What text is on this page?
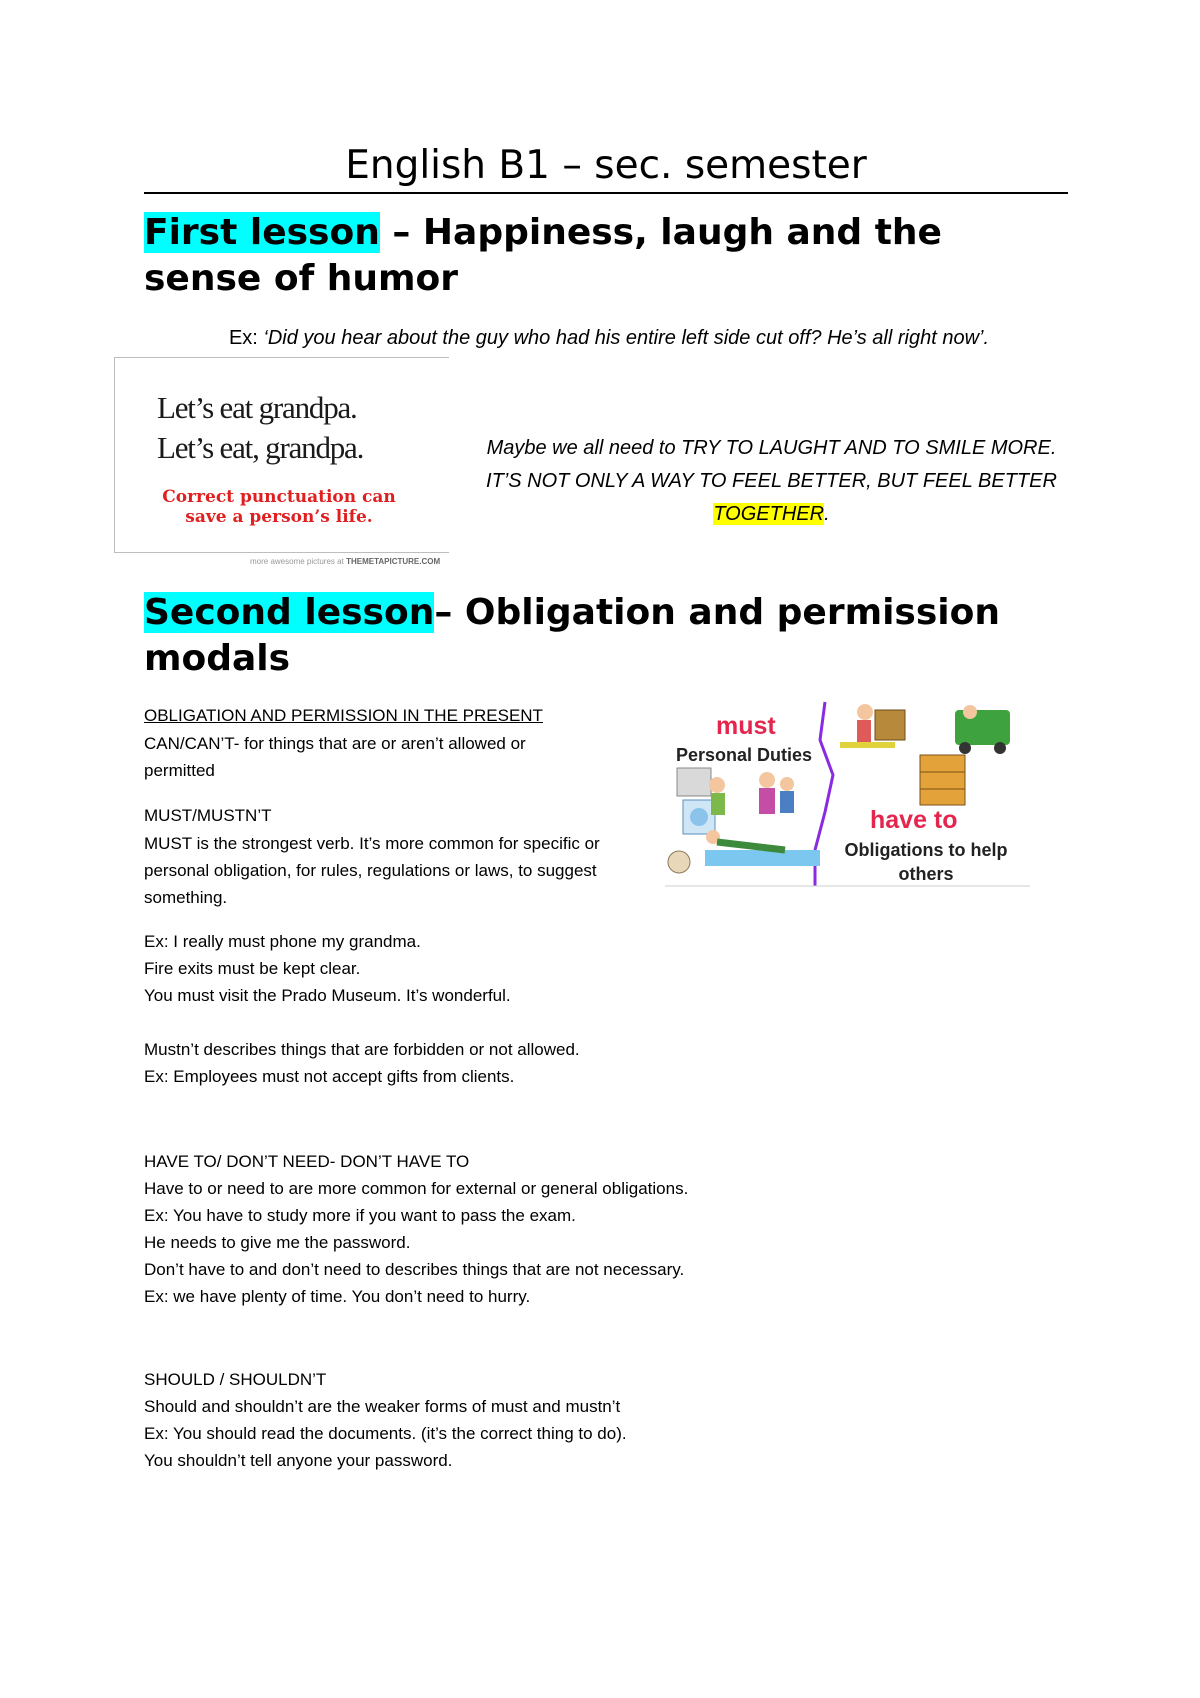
English B1 – sec. semester
First lesson – Happiness, laugh and the
sense of humor
Ex: ‘Did you hear about the guy who had his entire left side cut off? He’s all right now’.
Let’s eat grandpa.
Let’s eat, grandpa.
Correct punctuation can
save a person’s life.
more awesome pictures at THEMETAPICTURE.COM
Maybe we all need to TRY TO LAUGHT AND TO SMILE MORE. IT’S NOT ONLY A WAY TO FEEL BETTER, BUT FEEL BETTER TOGETHER.
Second lesson– Obligation and permission
modals
OBLIGATION AND PERMISSION IN THE PRESENT
CAN/CAN’T- for things that are or aren’t allowed or
permitted
MUST/MUSTN’T
MUST is the strongest verb. It’s more common for specific or
personal obligation, for rules, regulations or laws, to suggest
something.
Ex: I really must phone my grandma.
Fire exits must be kept clear.
You must visit the Prado Museum. It’s wonderful.
Mustn’t describes things that are forbidden or not allowed.
Ex: Employees must not accept gifts from clients.
HAVE TO/ DON’T NEED- DON’T HAVE TO
Have to or need to are more common for external or general obligations.
Ex: You have to study more if you want to pass the exam.
He needs to give me the password.
Don’t have to and don’t need to describes things that are not necessary.
Ex: we have plenty of time. You don’t need to hurry.
SHOULD / SHOULDN’T
Should and shouldn’t are the weaker forms of must and mustn’t
Ex: You should read the documents. (it’s the correct thing to do).
You shouldn’t tell anyone your password.
must
Personal Duties
have to
Obligations to help
others
